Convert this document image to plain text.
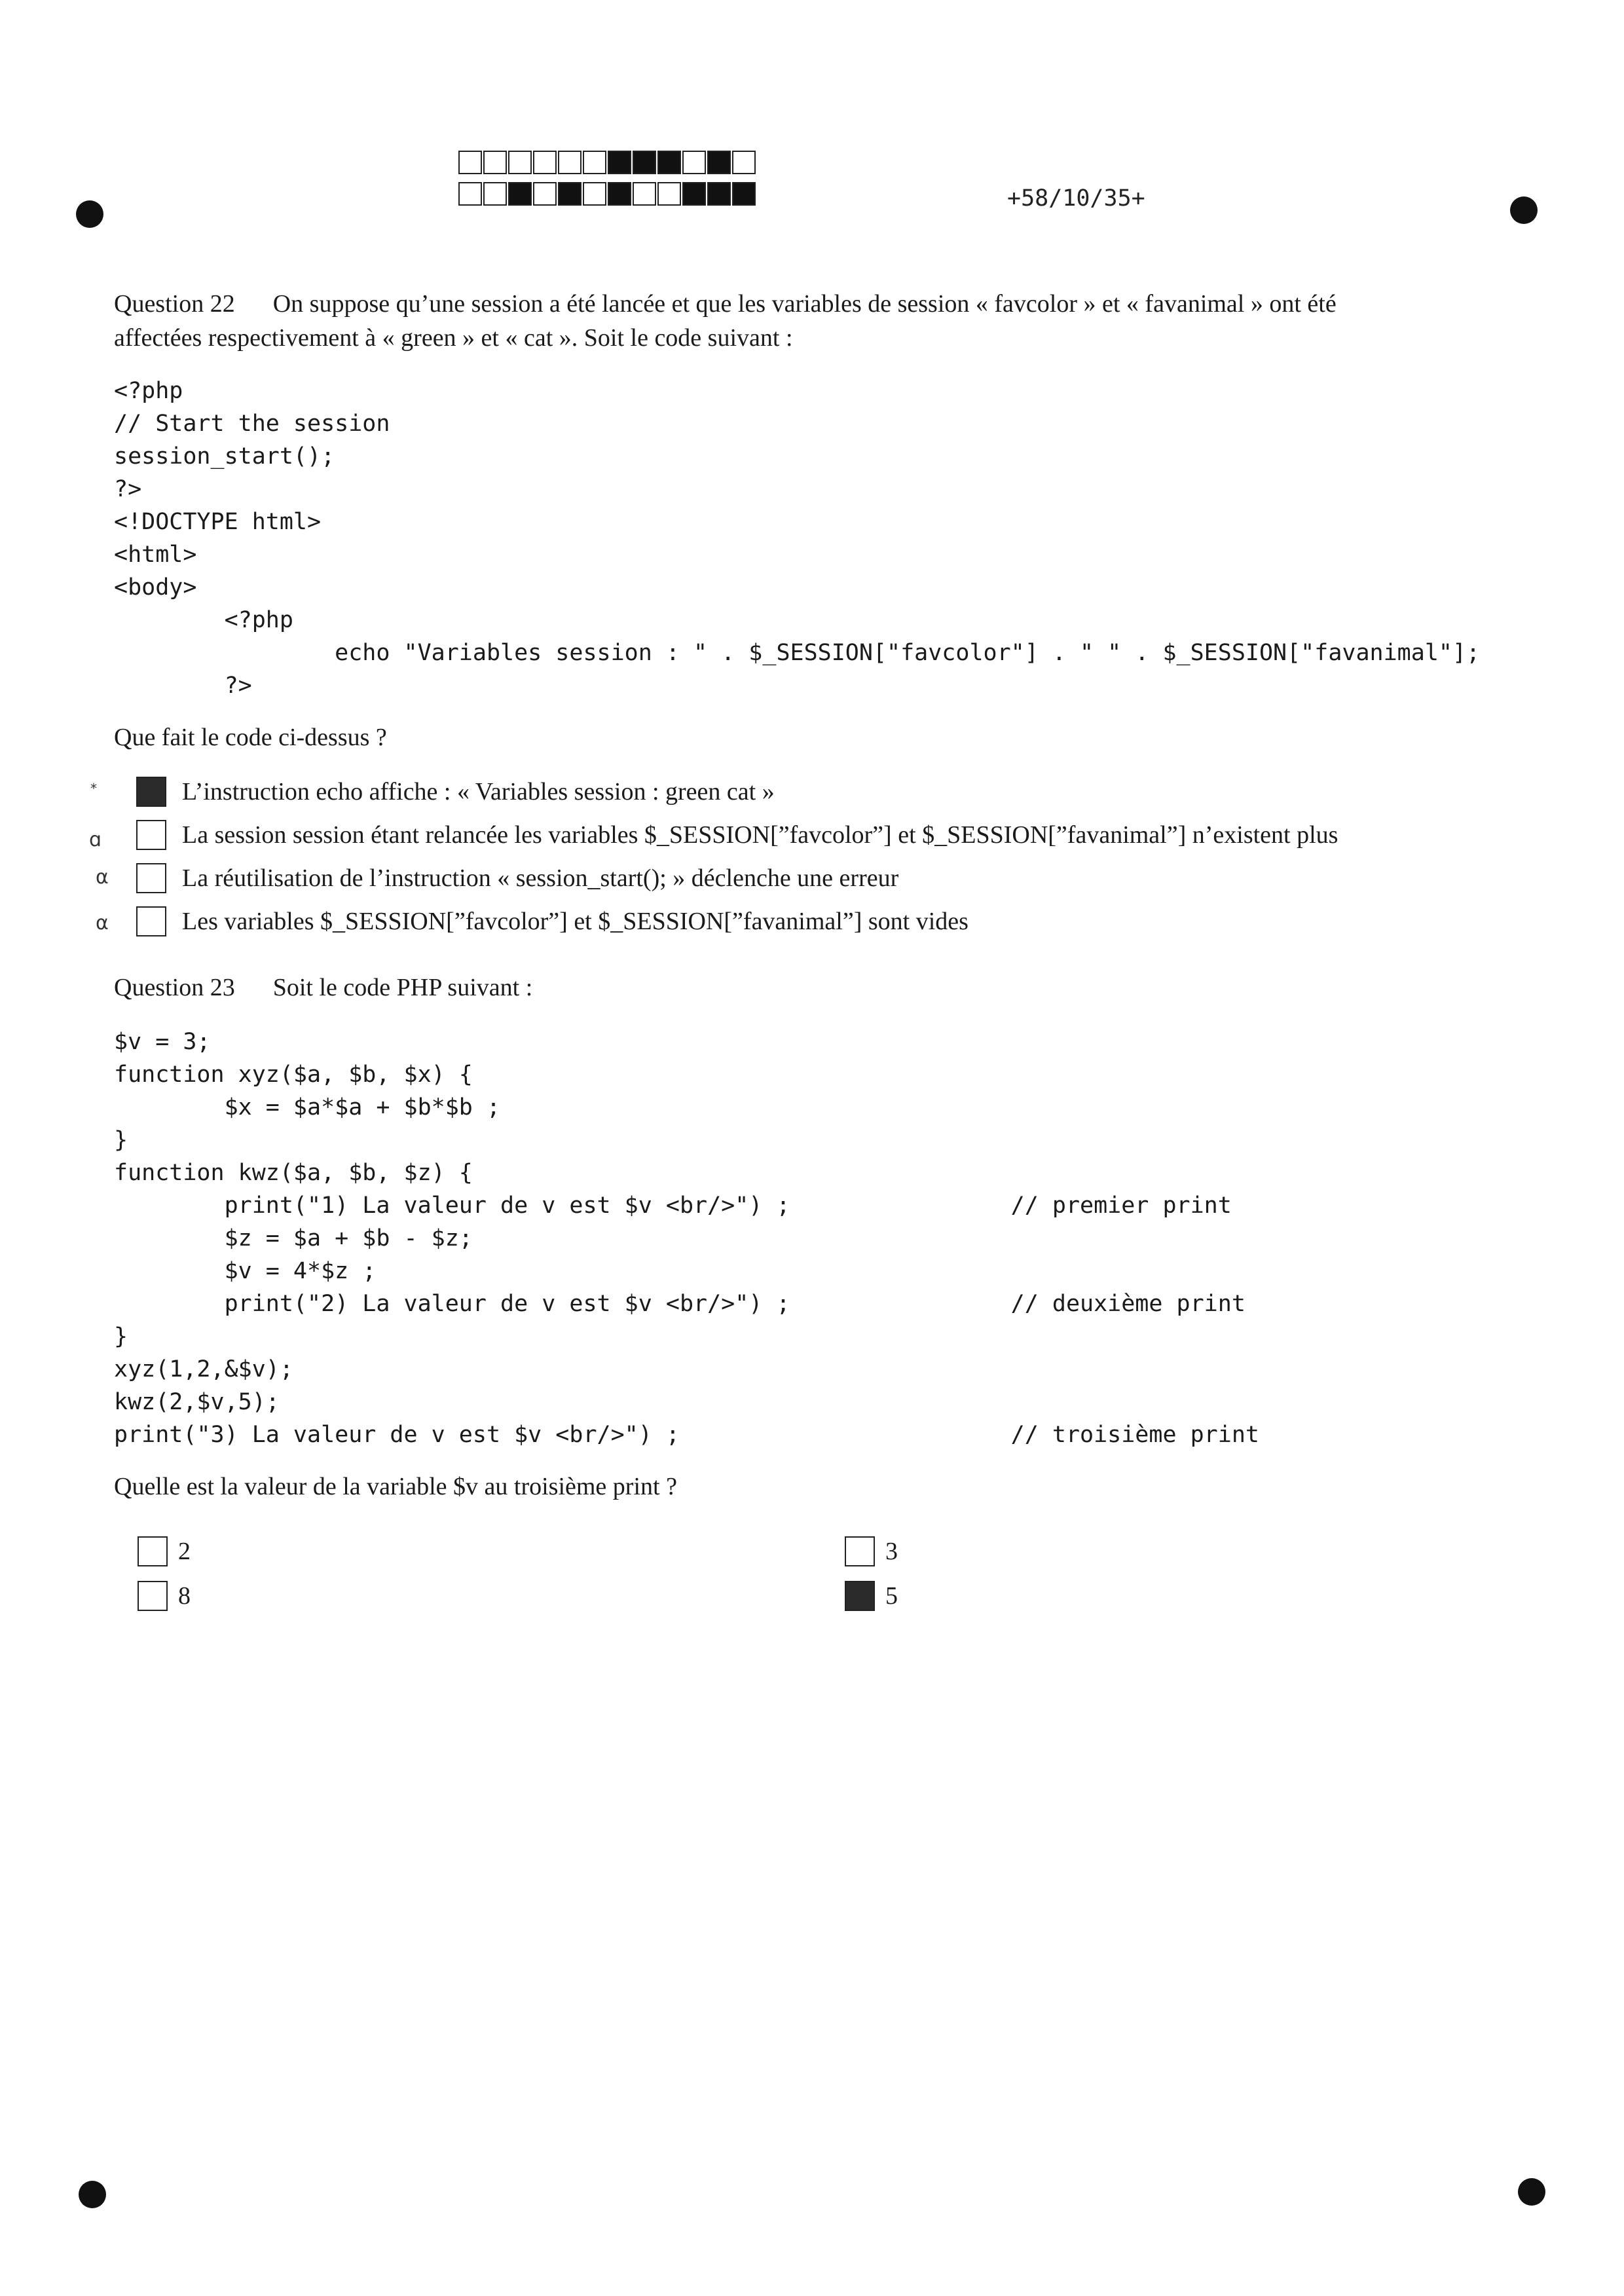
+58/10/35+
Question 22 On suppose qu’une session a été lancée et que les variables de session « favcolor » et « favanimal » ont été
affectées respectivement à « green » et « cat ». Soit le code suivant :
<?php
// Start the session
session_start();
?>
<!DOCTYPE html>
<html>
<body>
<?php
echo "Variables session : " . $_SESSION["favcolor"] . " " . $_SESSION["favanimal"];
?>
Que fait le code ci-dessus ?
*
ɑ
α
α
L’instruction echo affiche : « Variables session : green cat »
La session session étant relancée les variables $_SESSION[”favcolor”] et $_SESSION[”favanimal”] n’existent plus
La réutilisation de l’instruction « session_start(); » déclenche une erreur
Les variables $_SESSION[”favcolor”] et $_SESSION[”favanimal”] sont vides
Question 23 Soit le code PHP suivant :
$v = 3;
function xyz($a, $b, $x) {
$x = $a*$a + $b*$b ;
}
function kwz($a, $b, $z) {
print("1) La valeur de v est $v <br/>") ;                // premier print
$z = $a + $b - $z;
$v = 4*$z ;
print("2) La valeur de v est $v <br/>") ;                // deuxième print
}
xyz(1,2,&$v);
kwz(2,$v,5);
print("3) La valeur de v est $v <br/>") ;                        // troisième print
Quelle est la valeur de la variable $v au troisième print ?
2	3
8	5
